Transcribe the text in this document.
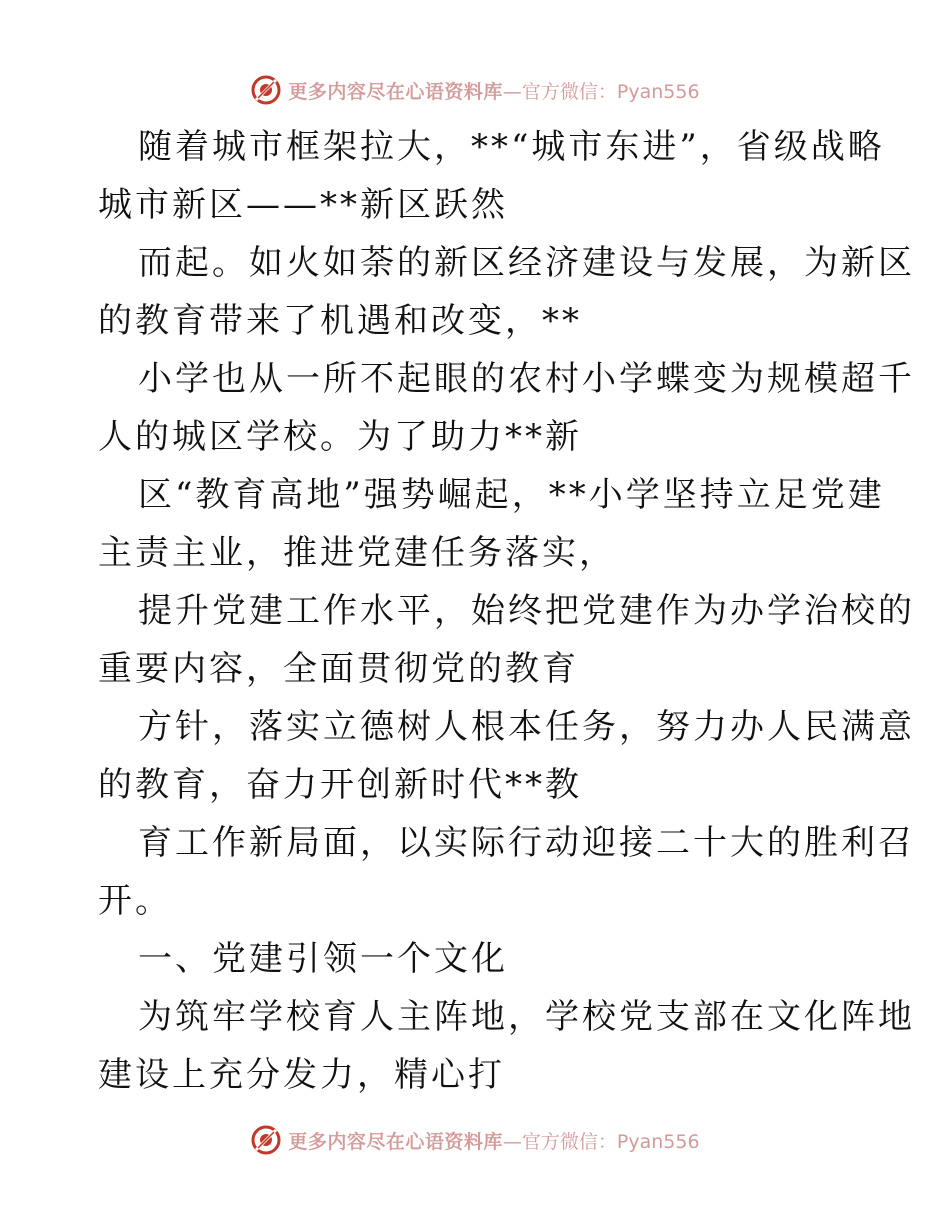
更多内容尽在心语资料库 —官方微信：Pyan556
随着城市框架拉大，**“城市东进”，省级战略
城市新区——**新区跃然
而起。如火如荼的新区经济建设与发展，为新区
的教育带来了机遇和改变，**
小学也从一所不起眼的农村小学蝶变为规模超千
人的城区学校。为了助力**新
区“教育高地”强势崛起，**小学坚持立足党建
主责主业，推进党建任务落实，
提升党建工作水平，始终把党建作为办学治校的
重要内容，全面贯彻党的教育
方针，落实立德树人根本任务，努力办人民满意
的教育，奋力开创新时代**教
育工作新局面，以实际行动迎接二十大的胜利召
开。
一、党建引领一个文化
为筑牢学校育人主阵地，学校党支部在文化阵地
建设上充分发力，精心打
更多内容尽在心语资料库 —官方微信：Pyan556
